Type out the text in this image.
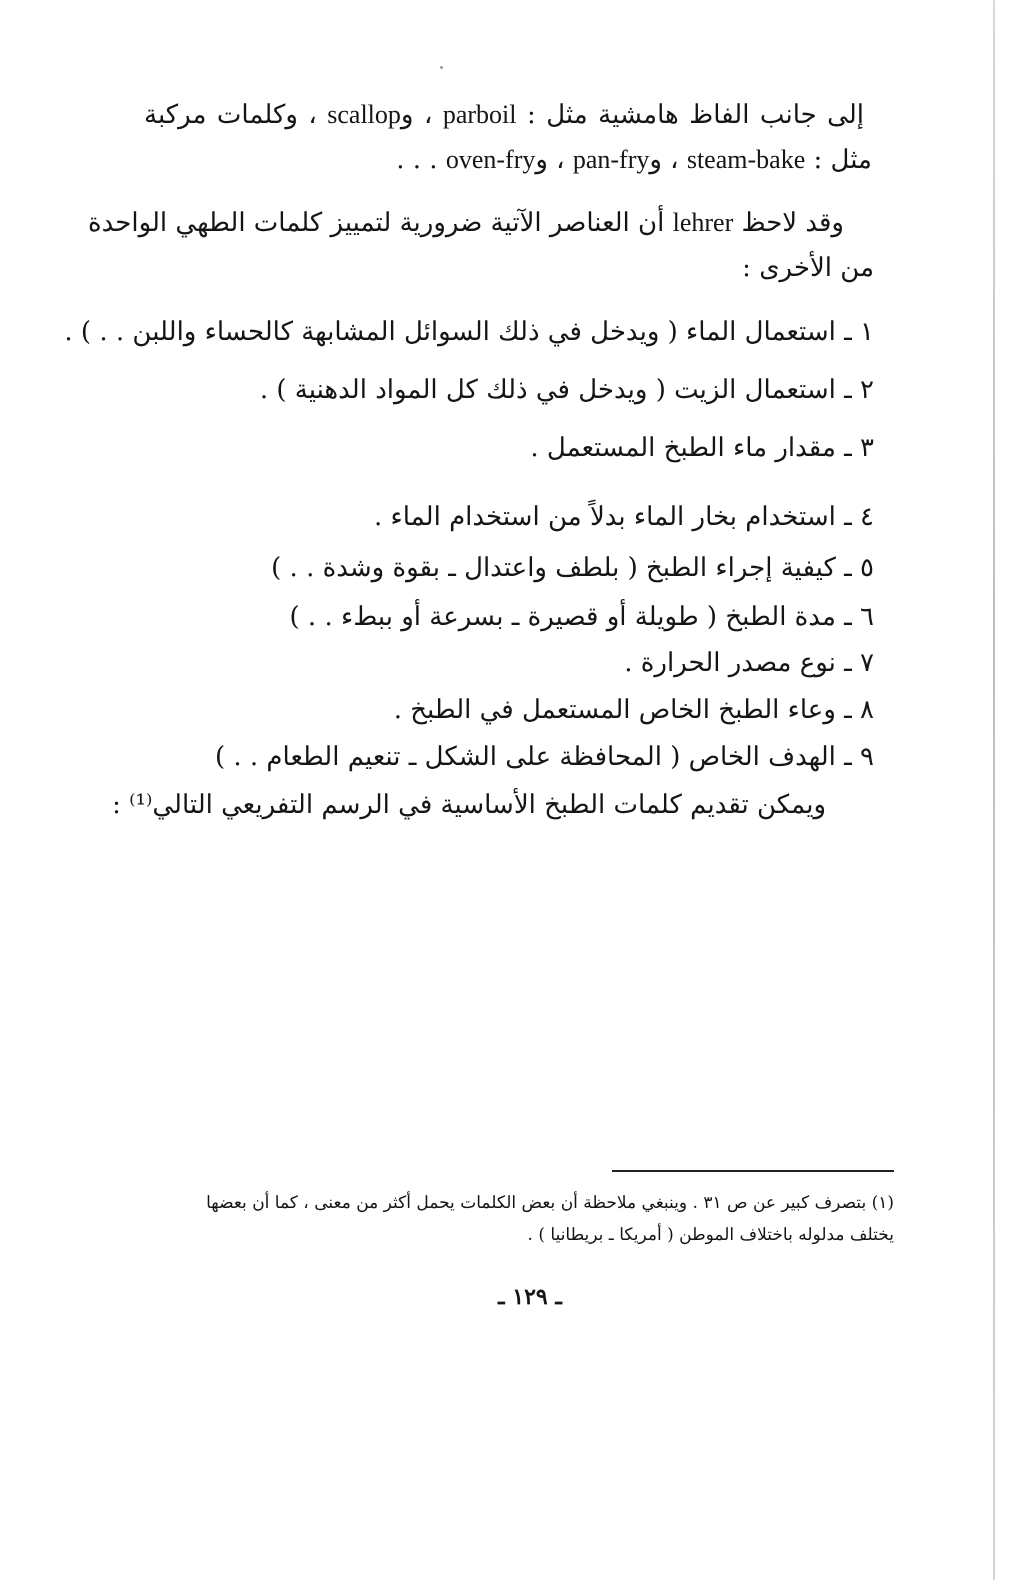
إلى جانب الفاظ هامشية مثل : parboil ، وscallop ، وكلمات مركبة
مثل : steam-bake ، وpan-fry ، وoven-fry . . .
وقد لاحظ lehrer أن العناصر الآتية ضرورية لتمييز كلمات الطهي الواحدة
من الأخرى :
١ ـ استعمال الماء ( ويدخل في ذلك السوائل المشابهة كالحساء واللبن . . ) .
٢ ـ استعمال الزيت ( ويدخل في ذلك كل المواد الدهنية ) .
٣ ـ مقدار ماء الطبخ المستعمل .
٤ ـ استخدام بخار الماء بدلاً من استخدام الماء .
٥ ـ كيفية إجراء الطبخ ( بلطف واعتدال ـ بقوة وشدة . . )
٦ ـ مدة الطبخ ( طويلة أو قصيرة ـ بسرعة أو ببطء . . )
٧ ـ نوع مصدر الحرارة .
٨ ـ وعاء الطبخ الخاص المستعمل في الطبخ .
٩ ـ الهدف الخاص ( المحافظة على الشكل ـ تنعيم الطعام . . )
ويمكن تقديم كلمات الطبخ الأساسية في الرسم التفريعي التالي⁽¹⁾ :
(١) بتصرف كبير عن ص ٣١ . وينبغي ملاحظة أن بعض الكلمات يحمل أكثر من معنى ، كما أن بعضها
يختلف مدلوله باختلاف الموطن ( أمريكا ـ بريطانيا ) .
ـ ١٢٩ ـ
